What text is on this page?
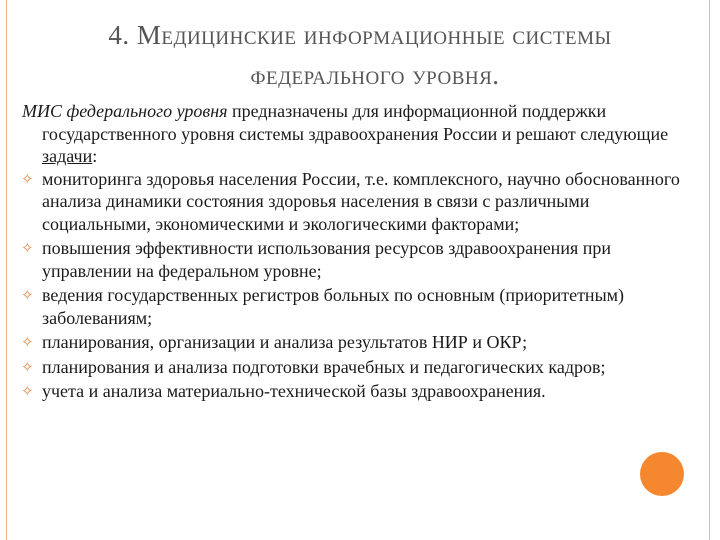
4. Медицинские информационные системы
федерального уровня.

МИС федерального уровня предназначены для информационной поддержки государственного уровня системы здравоохранения России и решают следующие задачи:

✧ мониторинга здоровья населения России, т.е. комплексного, научно обоснованного анализа динамики состояния здоровья населения в связи с различными социальными, экономическими и экологическими факторами;
✧ повышения эффективности использования ресурсов здравоохранения при управлении на федеральном уровне;
✧ ведения государственных регистров больных по основным (приоритетным) заболеваниям;
✧ планирования, организации и анализа результатов НИР и ОКР;
✧ планирования и анализа подготовки врачебных и педагогических кадров;
✧ учета и анализа материально-технической базы здравоохранения.
